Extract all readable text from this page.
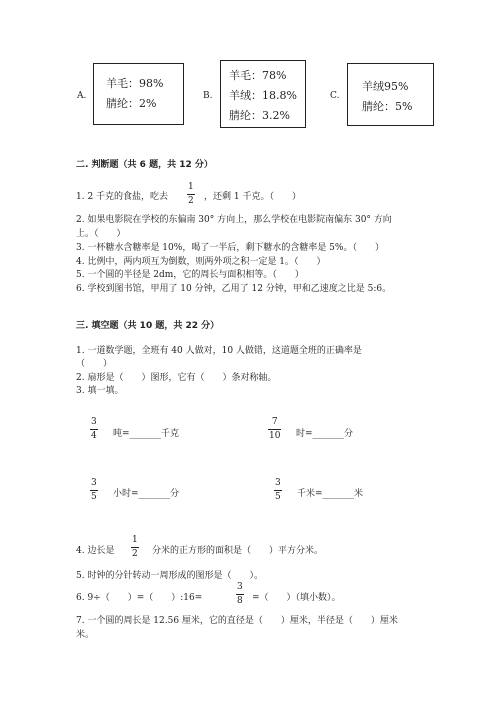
A.
羊毛：98%
腈纶：2%
B.
羊毛：78%
羊绒：18.8%
腈纶：3.2%
C.
羊绒95%
腈纶：5%
二. 判断题（共 6 题，共 12 分）
1. 2 千克的食盐，吃去
1
2 ，还剩 1 千克。（　　）
2. 如果电影院在学校的东偏南 30° 方向上，那么学校在电影院南偏东 30° 方向
上。（　　）
3. 一杯糖水含糖率是 10%，喝了一半后，剩下糖水的含糖率是 5%。（　　）
4. 比例中，两内项互为倒数，则两外项之积一定是 1。（　　）
5. 一个圆的半径是 2dm，它的周长与面积相等。（　　）
6. 学校到图书馆，甲用了 10 分钟，乙用了 12 分钟，甲和乙速度之比是 5:6。
三. 填空题（共 10 题，共 22 分）
1. 一道数学题，全班有 40 人做对，10 人做错，这道题全班的正确率是
（　　）
2. 扇形是（　　）图形，它有（　　）条对称轴。
3. 填一填。
3
4 吨=_______千克
7
10 时=_______分
3
5 小时=_______分
3
5 千米=_______米
4. 边长是
1
2 分米的正方形的面积是（　　）平方分米。
5. 时钟的分针转动一周形成的图形是（　　）。
6. 9÷（　　）=（　　）:16=
3
8 =（　　）（填小数）。
7. 一个圆的周长是 12.56 厘米，它的直径是（　　）厘米，半径是（　　）厘米
米。
